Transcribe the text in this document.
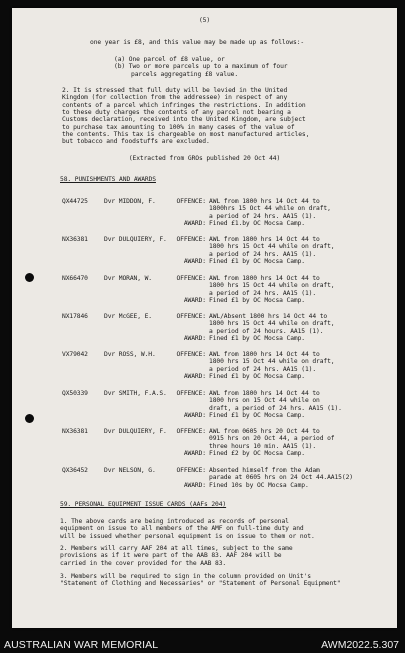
(5)
one year is £8, and this value may be made up as follows:-
(a) One parcel of £8 value, or
(b) Two or more parcels up to a maximum of four
parcels aggregating £8 value.
2. It is stressed that full duty will be levied in the United
Kingdom (for collection from the addressee) in respect of any
contents of a parcel which infringes the restrictions. In addition
to these duty charges the contents of any parcel not bearing a
Customs declaration, received into the United Kingdom, are subject
to purchase tax amounting to 100% in many cases of the value of
the contents. This tax is chargeable on most manufactured articles,
but tobacco and foodstuffs are excluded.
(Extracted from GROs published 20 Oct 44)
58. PUNISHMENTS AND AWARDS
QX44725	Dvr MIDDON, F.	OFFENCE: AWL from 1800 hrs 14 Oct 44 to
1800hrs 15 Oct 44 while on draft,
a period of 24 hrs. AA15 (1).
AWARD: Fined £1.by OC Mocsa Camp.
NX36381	Dvr DULQUIERY, F.	OFFENCE: AWL from 1800 hrs 14 Oct 44 to
1800 hrs 15 Oct 44 while on draft,
a period of 24 hrs. AA15 (1).
AWARD: Fined £1 by OC Mocsa Camp.
NX66470	Dvr MORAN, W.	OFFENCE: AWL from 1800 hrs 14 Oct 44 to
1800 hrs 15 Oct 44 while on draft,
a period of 24 hrs. AA15 (1).
AWARD: Fined £1 by OC Mocsa Camp.
NX17846	Dvr McGEE, E.	OFFENCE: AWL/Absent 1800 hrs 14 Oct 44 to
1800 hrs 15 Oct 44 while on draft,
a period of 24 hours. AA15 (1).
AWARD: Fined £1 by OC Mocsa Camp.
VX79042	Dvr ROSS, W.H.	OFFENCE: AWL from 1800 hrs 14 Oct 44 to
1800 hrs 15 Oct 44 while on draft,
a period of 24 hrs. AA15 (1).
AWARD: Fined £1 by OC Mocsa Camp.
QX50339	Dvr SMITH, F.A.S.	OFFENCE: AWL from 1800 hrs 14 Oct 44 to
1800 hrs on 15 Oct 44 while on
draft, a period of 24 hrs. AA15 (1).
AWARD: Fined £1 by OC Mocsa Camp.
NX36381	Dvr DULQUIERY, F.	OFFENCE: AWL from 0605 hrs 20 Oct 44 to
0915 hrs on 20 Oct 44, a period of
three hours 10 min. AA15 (1).
AWARD: Fined £2 by OC Mocsa Camp.
QX36452	Dvr NELSON, G.	OFFENCE: Absented himself from the Adam
parade at 0605 hrs on 24 Oct 44.AA15(2)
AWARD: Fined 10s by OC Mocsa Camp.
59. PERSONAL EQUIPMENT ISSUE CARDS (AAFs 204)
1. The above cards are being introduced as records of personal
equipment on issue to all members of the AMF on full-time duty and
will be issued whether personal equipment is on issue to them or not.
2. Members will carry AAF 204 at all times, subject to the same
provisions as if it were part of the AAB 83. AAF 204 will be
carried in the cover provided for the AAB 83.
3. Members will be required to sign in the column provided on Unit's
"Statement of Clothing and Necessaries" or "Statement of Personal Equipment"
AUSTRALIAN WAR MEMORIAL	AWM2022.5.307
